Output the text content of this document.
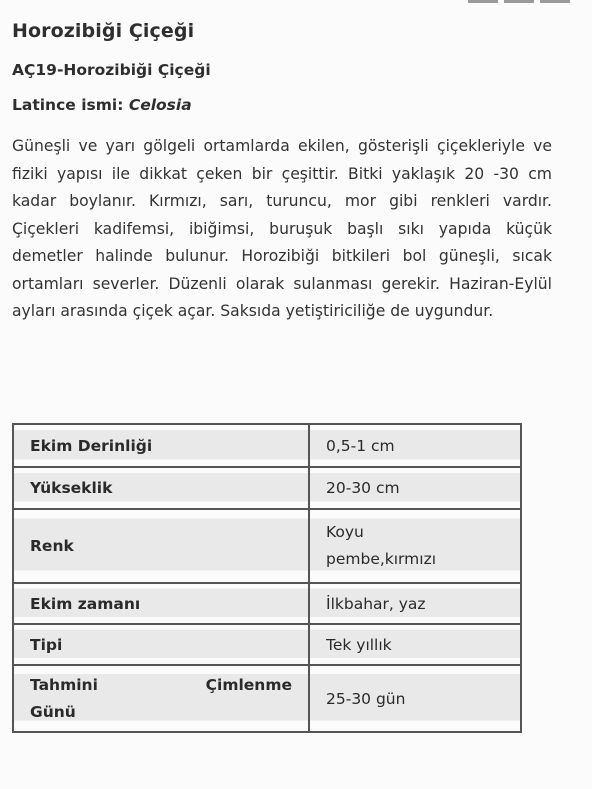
Horozibiği Çiçeği
AÇ19-Horozibiği Çiçeği
Latince ismi: Celosia

Güneşli ve yarı gölgeli ortamlarda ekilen, gösterişli çiçekleriyle ve fiziki yapısı ile dikkat çeken bir çeşittir. Bitki yaklaşık 20 -30 cm kadar boylanır. Kırmızı, sarı, turuncu, mor gibi renkleri vardır. Çiçekleri kadifemsi, ibiğimsi, buruşuk başlı sıkı yapıda küçük demetler halinde bulunur. Horozibiği bitkileri bol güneşli, sıcak ortamları severler. Düzenli olarak sulanması gerekir. Haziran-Eylül ayları arasında çiçek açar. Saksıda yetiştiriciliğe de uygundur.

Ekim Derinliği	0,5-1 cm
Yükseklik	20-30 cm
Renk	Koyu
pembe,kırmızı

Ekim zamanı	İlkbahar, yaz
Tipi	Tek yıllık

Tahmini Çimlenme
Günü	25-30 gün
